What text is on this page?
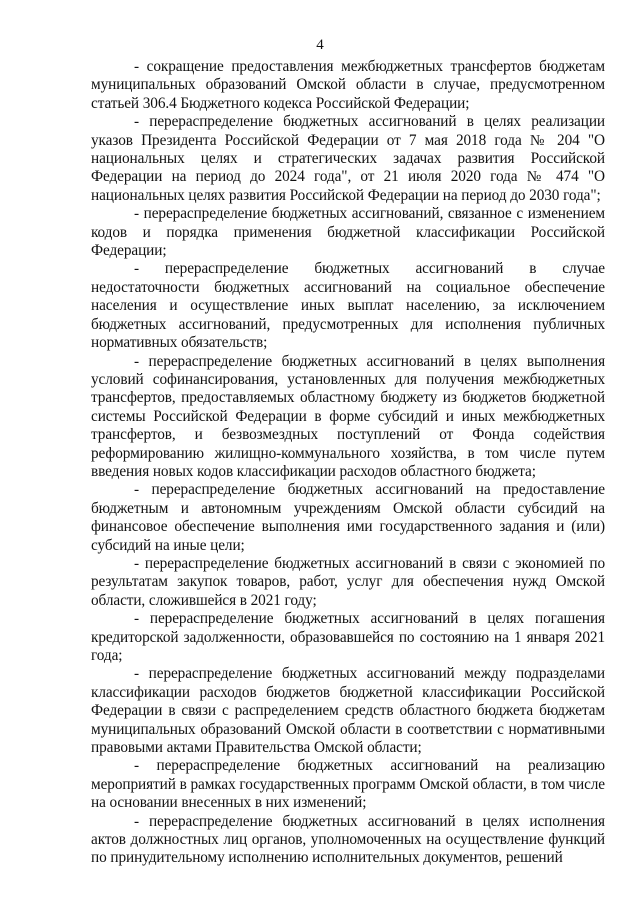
4

- сокращение предоставления межбюджетных трансфертов бюджетам муниципальных образований Омской области в случае, предусмотренном статьей 306.4 Бюджетного кодекса Российской Федерации;

- перераспределение бюджетных ассигнований в целях реализации указов Президента Российской Федерации от 7 мая 2018 года № 204 "О национальных целях и стратегических задачах развития Российской Федерации на период до 2024 года", от 21 июля 2020 года № 474 "О национальных целях развития Российской Федерации на период до 2030 года";

- перераспределение бюджетных ассигнований, связанное с изменением кодов и порядка применения бюджетной классификации Российской Федерации;

- перераспределение бюджетных ассигнований в случае недостаточности бюджетных ассигнований на социальное обеспечение населения и осуществление иных выплат населению, за исключением бюджетных ассигнований, предусмотренных для исполнения публичных нормативных обязательств;

- перераспределение бюджетных ассигнований в целях выполнения условий софинансирования, установленных для получения межбюджетных трансфертов, предоставляемых областному бюджету из бюджетов бюджетной системы Российской Федерации в форме субсидий и иных межбюджетных трансфертов, и безвозмездных поступлений от Фонда содействия реформированию жилищно-коммунального хозяйства, в том числе путем введения новых кодов классификации расходов областного бюджета;

- перераспределение бюджетных ассигнований на предоставление бюджетным и автономным учреждениям Омской области субсидий на финансовое обеспечение выполнения ими государственного задания и (или) субсидий на иные цели;

- перераспределение бюджетных ассигнований в связи с экономией по результатам закупок товаров, работ, услуг для обеспечения нужд Омской области, сложившейся в 2021 году;

- перераспределение бюджетных ассигнований в целях погашения кредиторской задолженности, образовавшейся по состоянию на 1 января 2021 года;

- перераспределение бюджетных ассигнований между подразделами классификации расходов бюджетов бюджетной классификации Российской Федерации в связи с распределением средств областного бюджета бюджетам муниципальных образований Омской области в соответствии с нормативными правовыми актами Правительства Омской области;

- перераспределение бюджетных ассигнований на реализацию мероприятий в рамках государственных программ Омской области, в том числе на основании внесенных в них изменений;

- перераспределение бюджетных ассигнований в целях исполнения актов должностных лиц органов, уполномоченных на осуществление функций по принудительному исполнению исполнительных документов, решений
